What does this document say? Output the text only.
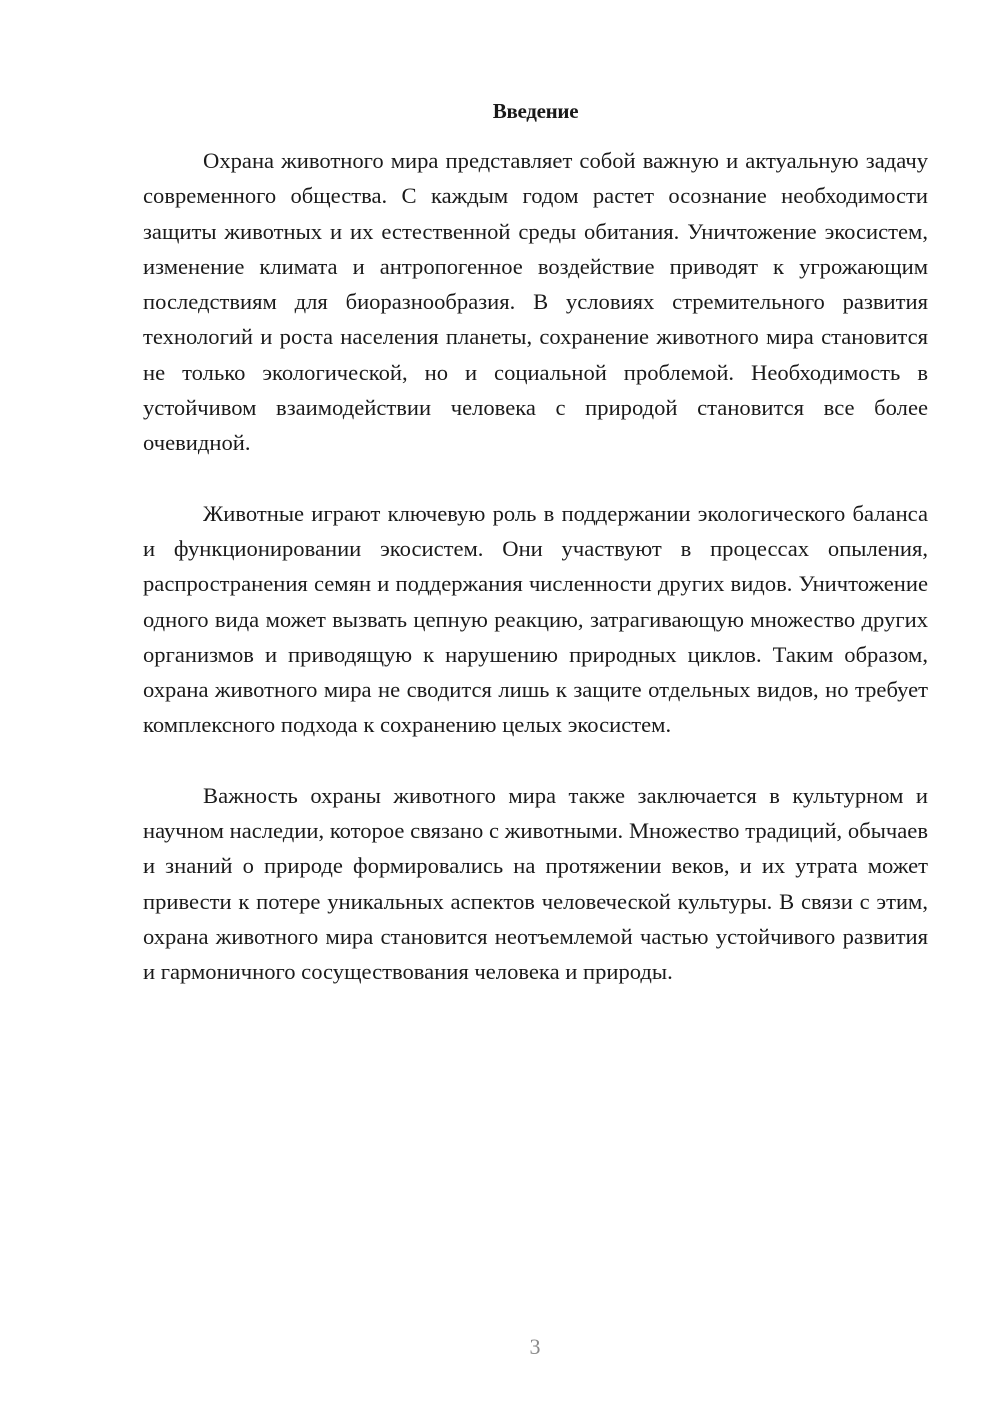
Введение

Охрана животного мира представляет собой важную и актуальную задачу современного общества. С каждым годом растет осознание необходимости защиты животных и их естественной среды обитания. Уничтожение экосистем, изменение климата и антропогенное воздействие приводят к угрожающим последствиям для биоразнообразия. В условиях стремительного развития технологий и роста населения планеты, сохранение животного мира становится не только экологической, но и социальной проблемой. Необходимость в устойчивом взаимодействии человека с природой становится все более очевидной.

Животные играют ключевую роль в поддержании экологического баланса и функционировании экосистем. Они участвуют в процессах опыления, распространения семян и поддержания численности других видов. Уничтожение одного вида может вызвать цепную реакцию, затрагивающую множество других организмов и приводящую к нарушению природных циклов. Таким образом, охрана животного мира не сводится лишь к защите отдельных видов, но требует комплексного подхода к сохранению целых экосистем.

Важность охраны животного мира также заключается в культурном и научном наследии, которое связано с животными. Множество традиций, обычаев и знаний о природе формировались на протяжении веков, и их утрата может привести к потере уникальных аспектов человеческой культуры. В связи с этим, охрана животного мира становится неотъемлемой частью устойчивого развития и гармоничного сосуществования человека и природы.

3
